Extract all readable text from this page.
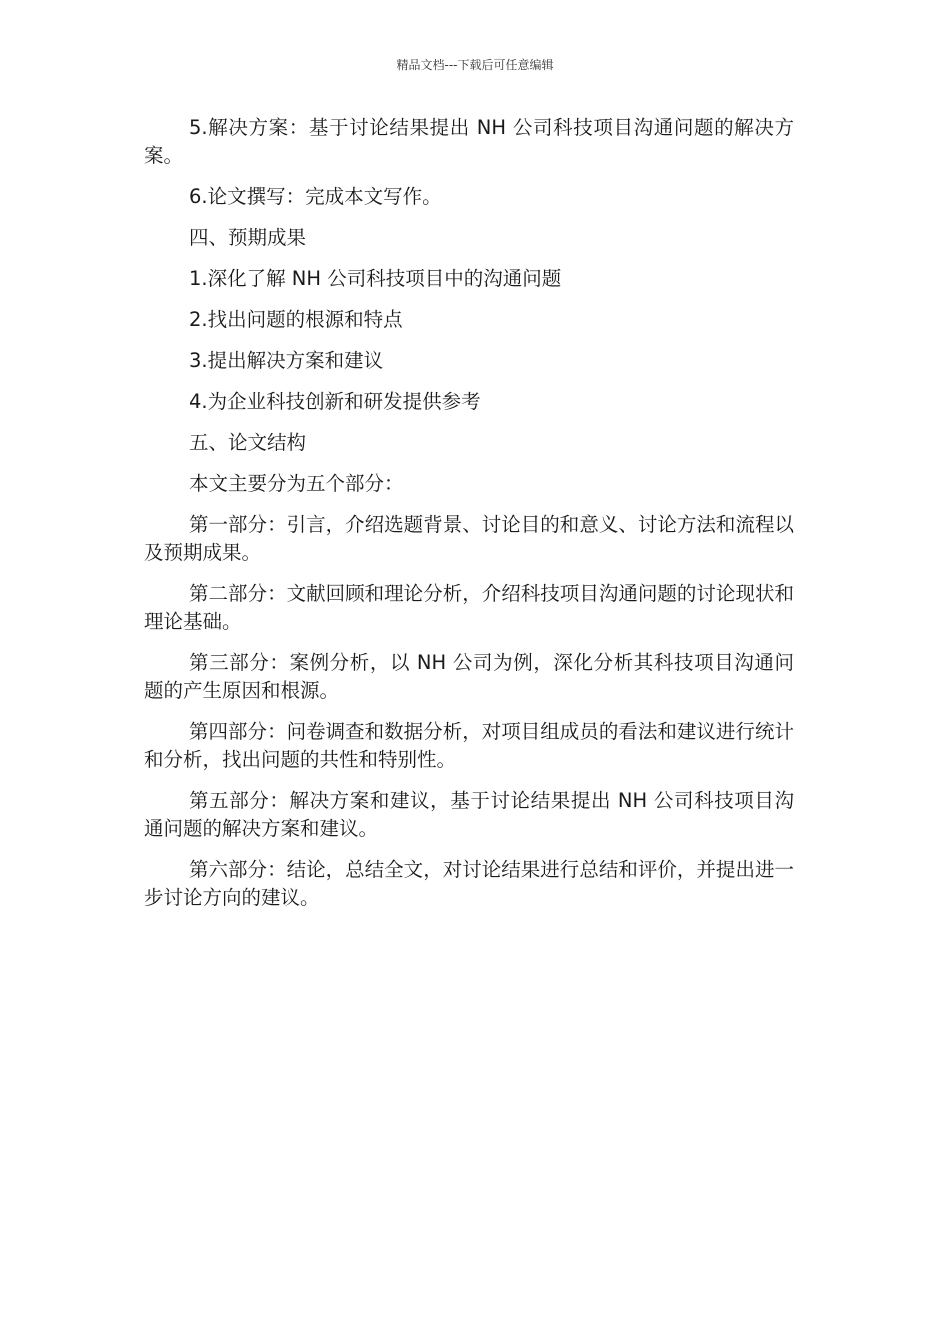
精品文档---下载后可任意编辑

5.解决方案：基于讨论结果提出 NH 公司科技项目沟通问题的解决方案。

6.论文撰写：完成本文写作。

四、预期成果

1.深化了解 NH 公司科技项目中的沟通问题

2.找出问题的根源和特点

3.提出解决方案和建议

4.为企业科技创新和研发提供参考

五、论文结构

本文主要分为五个部分：

第一部分：引言，介绍选题背景、讨论目的和意义、讨论方法和流程以及预期成果。

第二部分：文献回顾和理论分析，介绍科技项目沟通问题的讨论现状和理论基础。

第三部分：案例分析，以 NH 公司为例，深化分析其科技项目沟通问题的产生原因和根源。

第四部分：问卷调查和数据分析，对项目组成员的看法和建议进行统计和分析，找出问题的共性和特别性。

第五部分：解决方案和建议，基于讨论结果提出 NH 公司科技项目沟通问题的解决方案和建议。

第六部分：结论，总结全文，对讨论结果进行总结和评价，并提出进一步讨论方向的建议。
